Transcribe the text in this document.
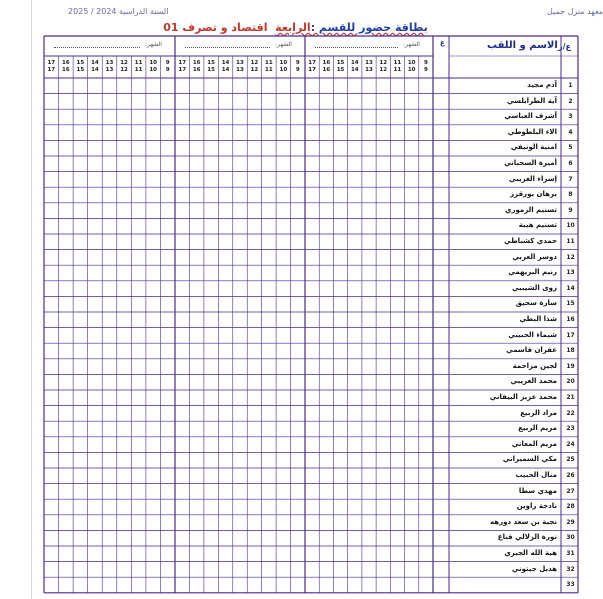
معهد منزل جميل
السنة الدراسية 2024 / 2025
بطاقة حضور للقسم :الرابعة  اقتصاد و تصرف 01
الاسم و اللقب ع/ر
غ
الشهر:
9
9
10
10
11
11
12
12
13
13
14
14
15
15
16
16
17
17
الشهر:
9
9
10
10
11
11
12
12
13
13
14
14
15
15
16
16
17
17
الشهر:
9
9
10
10
11
11
12
12
13
13
14
14
15
15
16
16
17
17
1
آدم مجيد
2
آية الطرابلسي
3
أشرف العباسي
4
الاء البلطوطي
5
امنية الونيفي
6
أميرة السحباني
7
إسراء الغريبي
8
برهان بورقزز
9
تسنيم الزموري
10
تسنيم هيبة
11
حمدي كشباطي
12
دوسر العربي
13
رنيم البريهمي
14
زوى الشيببي
15
سارة سحيق
16
شذا البطي
17
شيماء الحبيبي
18
غفران قاسمي
19
لجين مزاحمة
20
محمد الغريبي
21
محمد عزيز البيفاني
22
مراد الربيع
23
مريم الربيع
24
مريم المعاني
25
مكي السميراني
26
منال الحبيب
27
مهدي سطا
28
نادجة راوين
29
نجية بن سعد دورهه
30
نورة الزلالي قناع
31
هبة الله الجبري
32
هديل جيتوني
33
